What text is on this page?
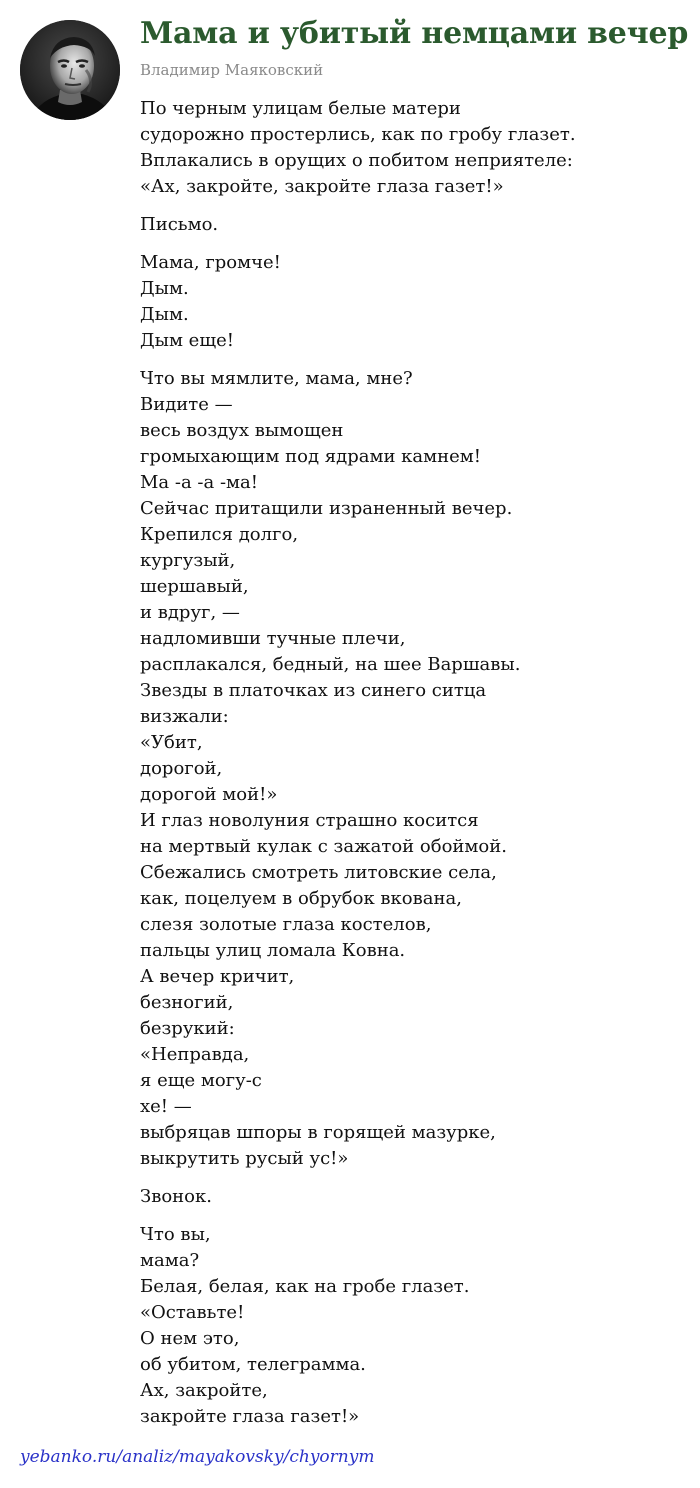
Мама и убитый немцами вечер
Владимир Маяковский
По черным улицам белые матери
судорожно простерлись, как по гробу глазет.
Вплакались в орущих о побитом неприятеле:
«Ах, закройте, закройте глаза газет!»
Письмо.
Мама, громче!
Дым.
Дым.
Дым еще!
Что вы мямлите, мама, мне?
Видите —
весь воздух вымощен
громыхающим под ядрами камнем!
Ма -а -а -ма!
Сейчас притащили израненный вечер.
Крепился долго,
кургузый,
шершавый,
и вдруг, —
надломивши тучные плечи,
расплакался, бедный, на шее Варшавы.
Звезды в платочках из синего ситца
визжали:
«Убит,
дорогой,
дорогой мой!»
И глаз новолуния страшно косится
на мертвый кулак с зажатой обоймой.
Сбежались смотреть литовские села,
как, поцелуем в обрубок вкована,
слезя золотые глаза костелов,
пальцы улиц ломала Ковна.
А вечер кричит,
безногий,
безрукий:
«Неправда,
я еще могу-с
хе! —
выбряцав шпоры в горящей мазурке,
выкрутить русый ус!»
Звонок.
Что вы,
мама?
Белая, белая, как на гробе глазет.
«Оставьте!
О нем это,
об убитом, телеграмма.
Ах, закройте,
закройте глаза газет!»
yebanko.ru/analiz/mayakovsky/chyornym
